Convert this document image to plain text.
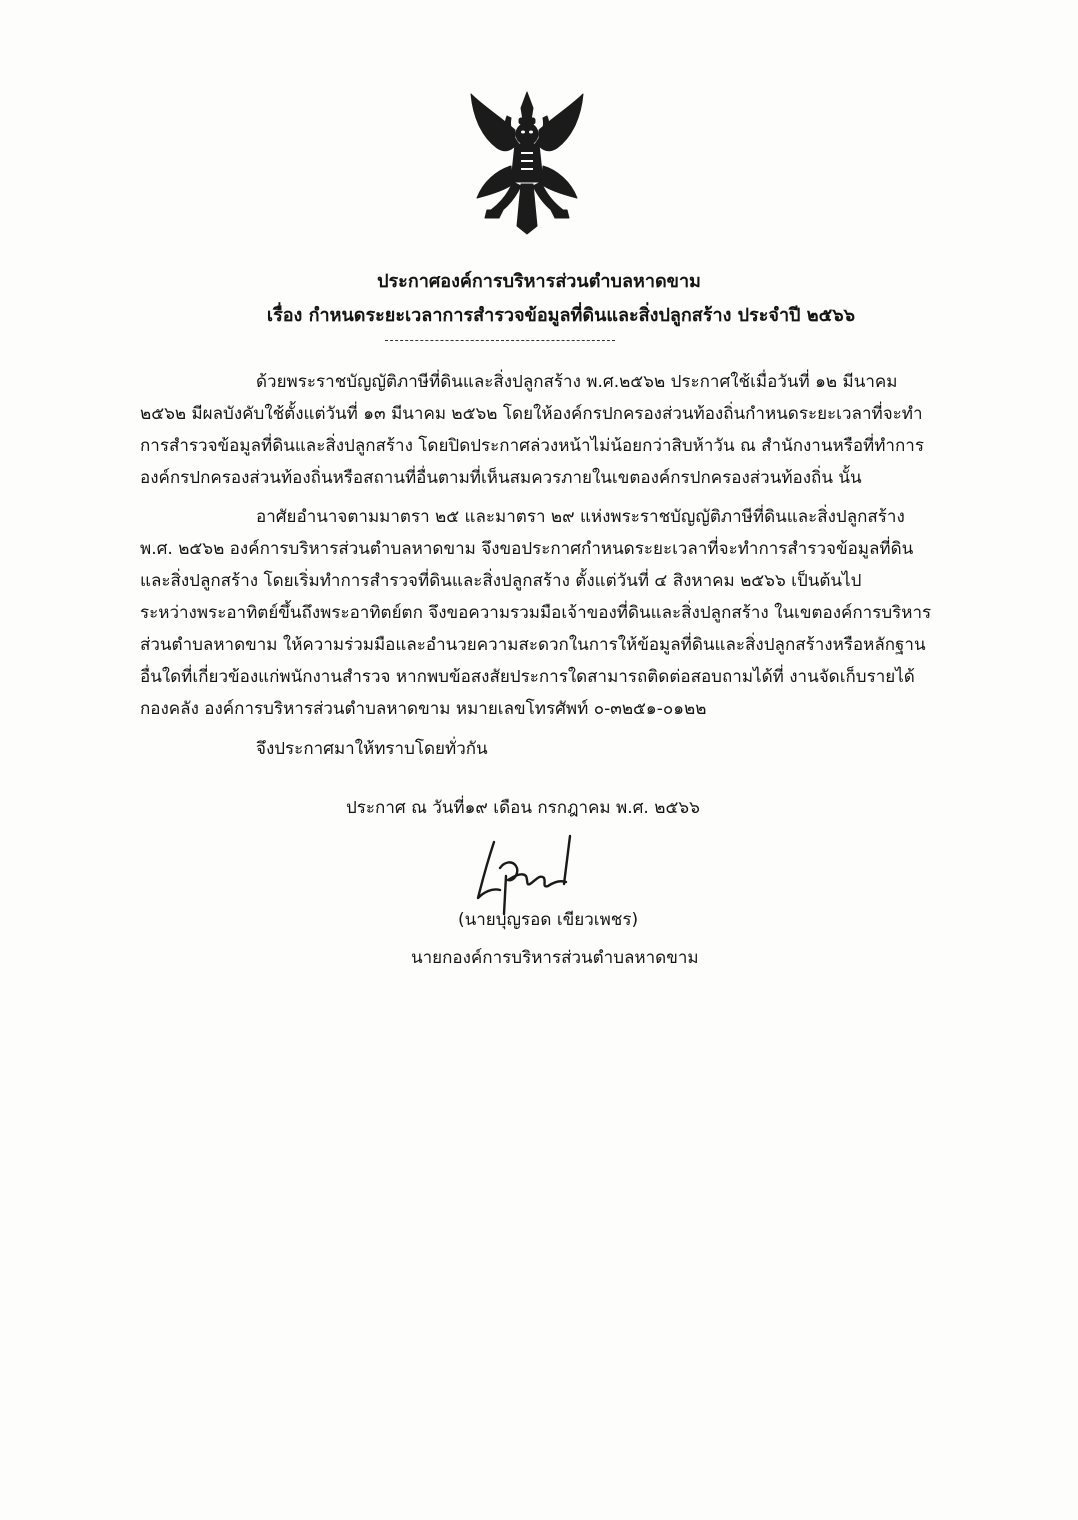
ประกาศองค์การบริหารส่วนตำบลหาดขาม
เรื่อง กำหนดระยะเวลาการสำรวจข้อมูลที่ดินและสิ่งปลูกสร้าง ประจำปี ๒๕๖๖
ด้วยพระราชบัญญัติภาษีที่ดินและสิ่งปลูกสร้าง พ.ศ.๒๕๖๒ ประกาศใช้เมื่อวันที่ ๑๒ มีนาคม
๒๕๖๒ มีผลบังคับใช้ตั้งแต่วันที่ ๑๓ มีนาคม ๒๕๖๒ โดยให้องค์กรปกครองส่วนท้องถิ่นกำหนดระยะเวลาที่จะทำ
การสำรวจข้อมูลที่ดินและสิ่งปลูกสร้าง โดยปิดประกาศล่วงหน้าไม่น้อยกว่าสิบห้าวัน ณ สำนักงานหรือที่ทำการ
องค์กรปกครองส่วนท้องถิ่นหรือสถานที่อื่นตามที่เห็นสมควรภายในเขตองค์กรปกครองส่วนท้องถิ่น นั้น
อาศัยอำนาจตามมาตรา ๒๕ และมาตรา ๒๙ แห่งพระราชบัญญัติภาษีที่ดินและสิ่งปลูกสร้าง
พ.ศ. ๒๕๖๒ องค์การบริหารส่วนตำบลหาดขาม จึงขอประกาศกำหนดระยะเวลาที่จะทำการสำรวจข้อมูลที่ดิน
และสิ่งปลูกสร้าง โดยเริ่มทำการสำรวจที่ดินและสิ่งปลูกสร้าง ตั้งแต่วันที่ ๔ สิงหาคม ๒๕๖๖ เป็นต้นไป
ระหว่างพระอาทิตย์ขึ้นถึงพระอาทิตย์ตก จึงขอความรวมมือเจ้าของที่ดินและสิ่งปลูกสร้าง ในเขตองค์การบริหาร
ส่วนตำบลหาดขาม ให้ความร่วมมือและอำนวยความสะดวกในการให้ข้อมูลที่ดินและสิ่งปลูกสร้างหรือหลักฐาน
อื่นใดที่เกี่ยวข้องแก่พนักงานสำรวจ หากพบข้อสงสัยประการใดสามารถติดต่อสอบถามได้ที่ งานจัดเก็บรายได้
กองคลัง องค์การบริหารส่วนตำบลหาดขาม หมายเลขโทรศัพท์ ๐-๓๒๕๑-๐๑๒๒
จึงประกาศมาให้ทราบโดยทั่วกัน
ประกาศ ณ วันที่๑๙ เดือน กรกฎาคม พ.ศ. ๒๕๖๖
(นายบุญรอด เขียวเพชร)
นายกองค์การบริหารส่วนตำบลหาดขาม
